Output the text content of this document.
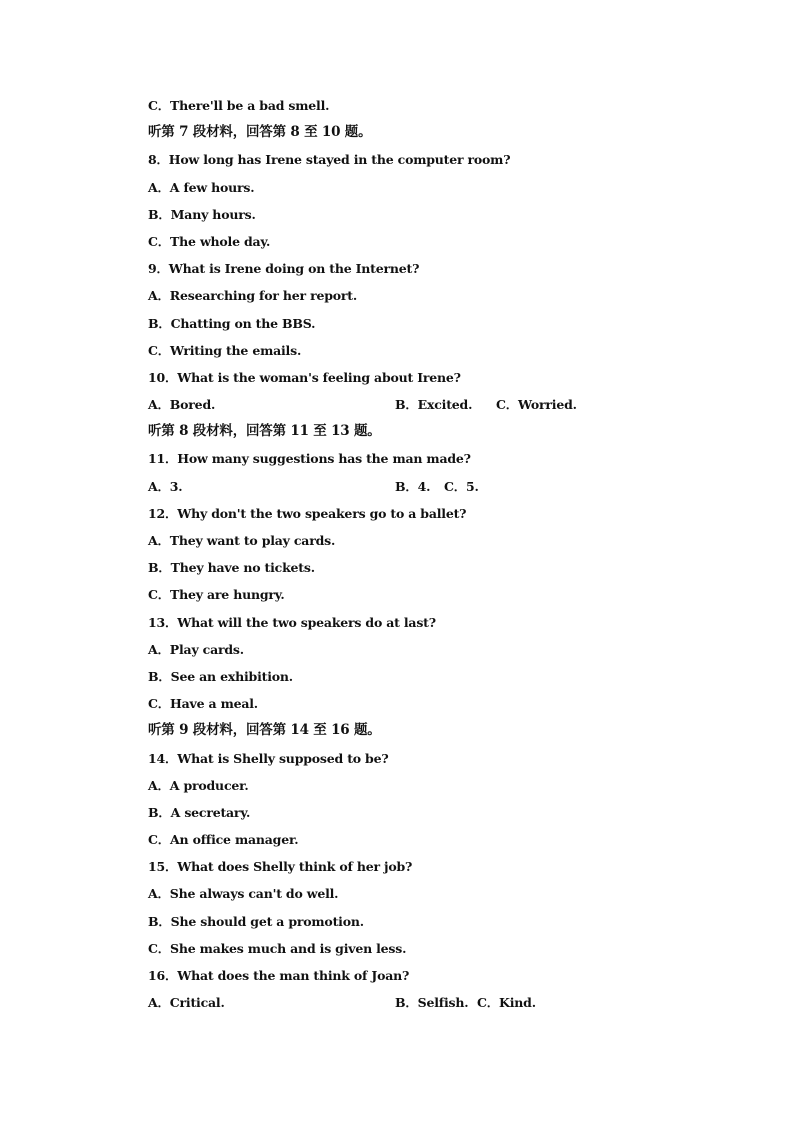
C．There'll be a bad smell.
听第 7 段材料，回答第 8 至 10 题。
8．How long has Irene stayed in the computer room?
A．A few hours.
B．Many hours.
C．The whole day.
9．What is Irene doing on the Internet?
A．Researching for her report.
B．Chatting on the BBS.
C．Writing the emails.
10．What is the woman's feeling about Irene?
A．Bored.	B．Excited. C．Worried.
听第 8 段材料，回答第 11 至 13 题。
11．How many suggestions has the man made?
A．3.	B．4. C．5.
12．Why don't the two speakers go to a ballet?
A．They want to play cards.
B．They have no tickets.
C．They are hungry.
13．What will the two speakers do at last?
A．Play cards.
B．See an exhibition.
C．Have a meal.
听第 9 段材料，回答第 14 至 16 题。
14．What is Shelly supposed to be?
A．A producer.
B．A secretary.
C．An office manager.
15．What does Shelly think of her job?
A．She always can't do well.
B．She should get a promotion.
C．She makes much and is given less.
16．What does the man think of Joan?
A．Critical.	B．Selfish. C．Kind.
